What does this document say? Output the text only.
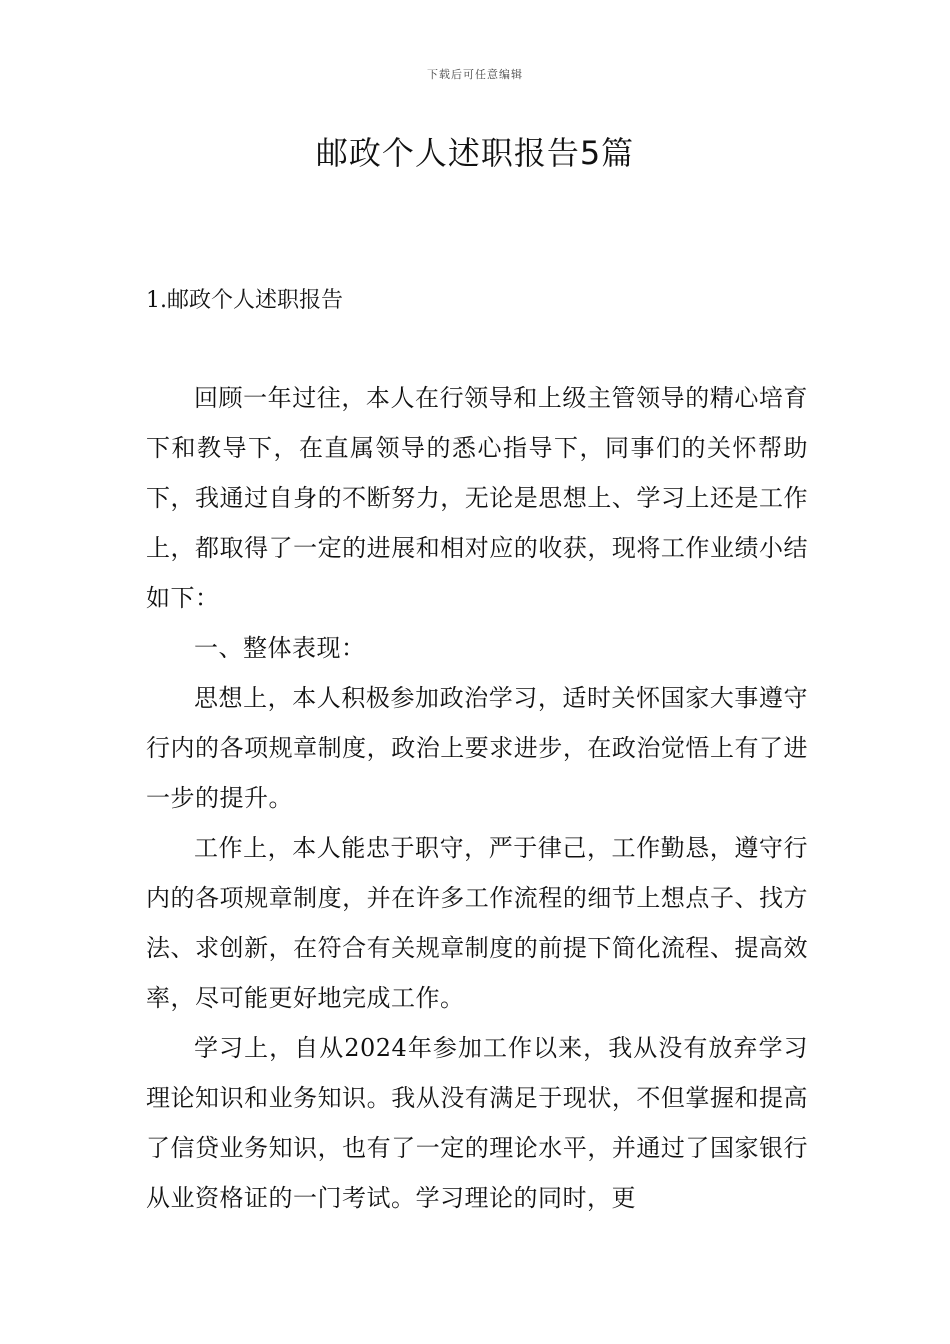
下载后可任意编辑
邮政个人述职报告5篇
1.邮政个人述职报告

回顾一年过往，本人在行领导和上级主管领导的精心培育下和教导下，在直属领导的悉心指导下，同事们的关怀帮助下，我通过自身的不断努力，无论是思想上、学习上还是工作上，都取得了一定的进展和相对应的收获，现将工作业绩小结如下：

一、整体表现：

思想上，本人积极参加政治学习，适时关怀国家大事遵守行内的各项规章制度，政治上要求进步，在政治觉悟上有了进一步的提升。

工作上，本人能忠于职守，严于律己，工作勤恳，遵守行内的各项规章制度，并在许多工作流程的细节上想点子、找方法、求创新，在符合有关规章制度的前提下简化流程、提高效率，尽可能更好地完成工作。

学习上，自从2024年参加工作以来，我从没有放弃学习理论知识和业务知识。我从没有满足于现状，不但掌握和提高了信贷业务知识，也有了一定的理论水平，并通过了国家银行从业资格证的一门考试。学习理论的同时，更
